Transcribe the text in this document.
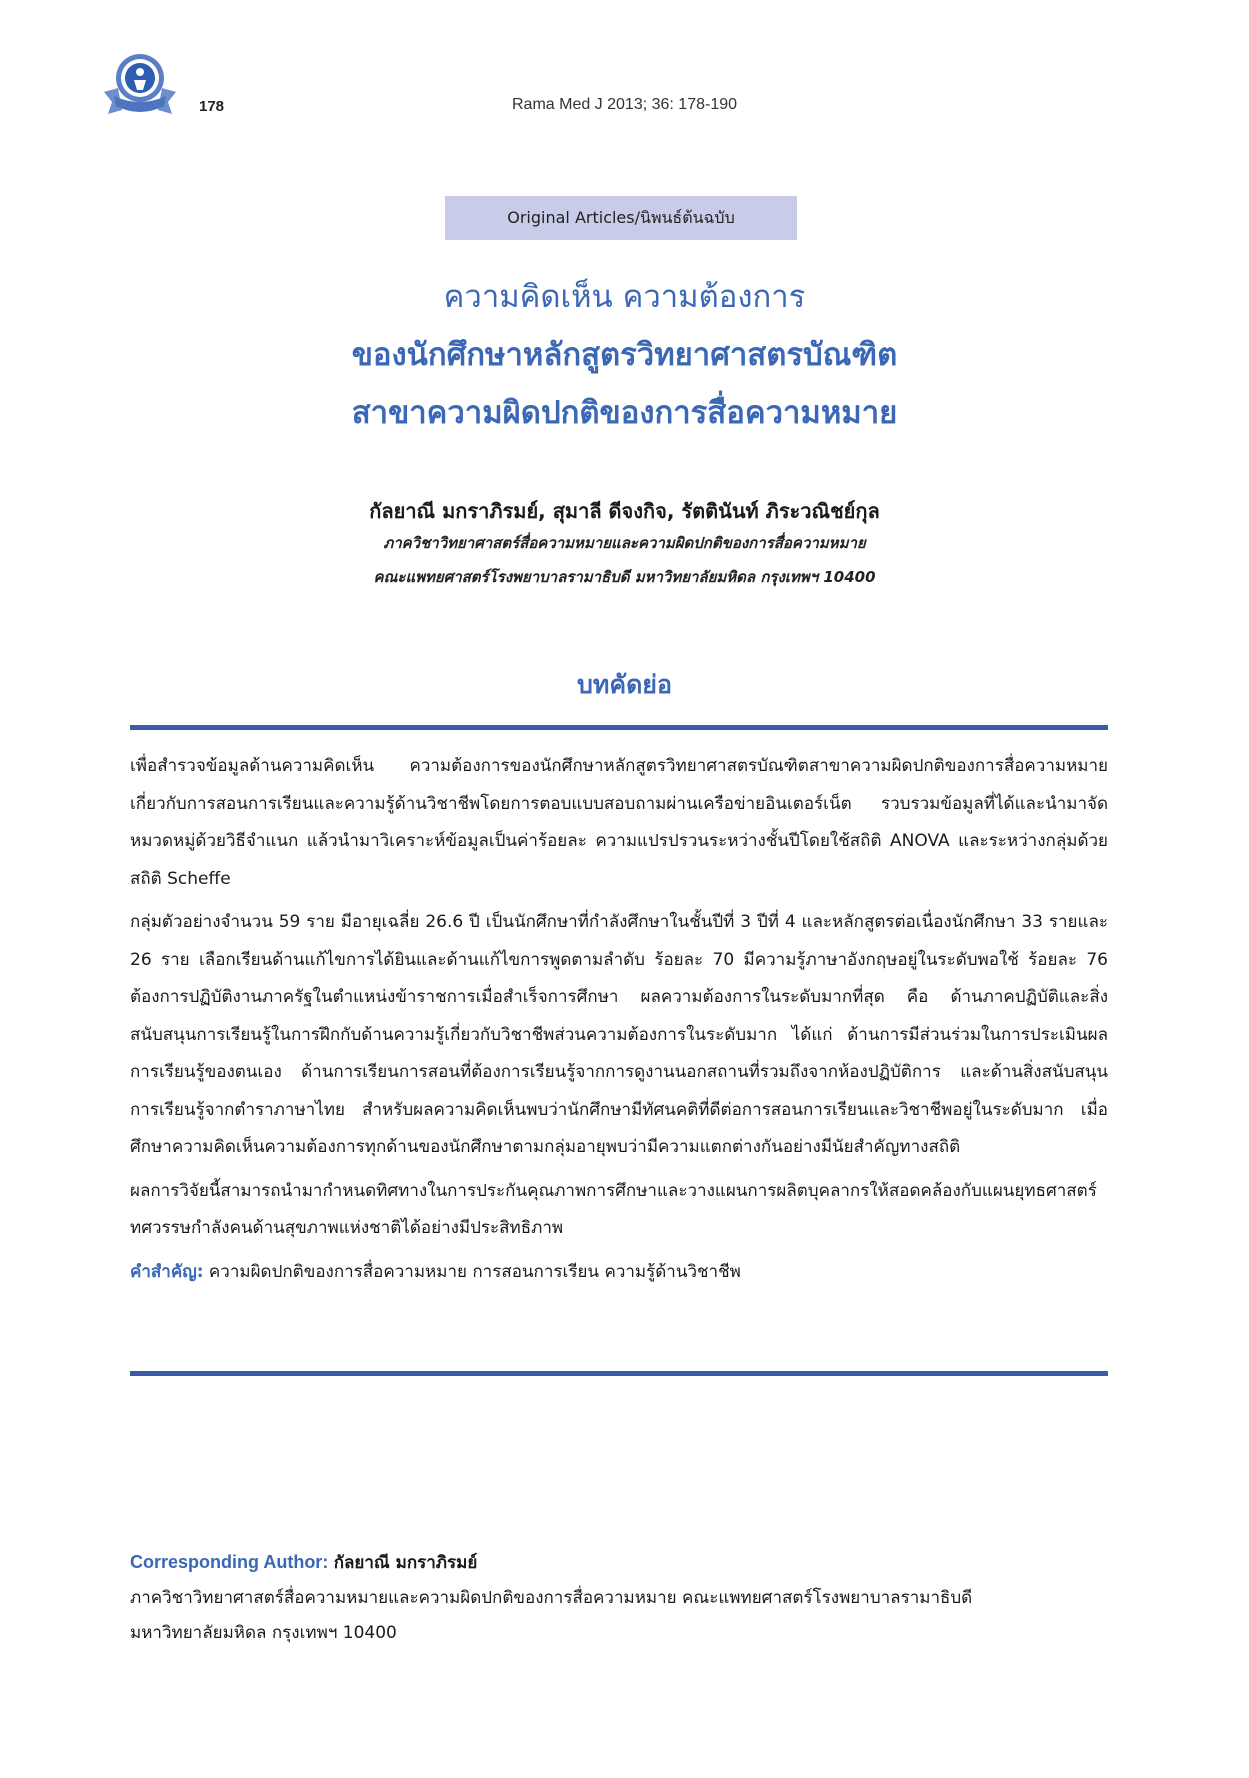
178	Rama Med J 2013; 36: 178-190
Original Articles/นิพนธ์ต้นฉบับ
ความคิดเห็น ความต้องการ
ของนักศึกษาหลักสูตรวิทยาศาสตรบัณฑิต
สาขาความผิดปกติของการสื่อความหมาย
กัลยาณี มกราภิรมย์, สุมาลี ดีจงกิจ, รัตตินันท์ ภิระวณิชย์กุล
ภาควิชาวิทยาศาสตร์สื่อความหมายและความผิดปกติของการสื่อความหมาย
คณะแพทยศาสตร์โรงพยาบาลรามาธิบดี มหาวิทยาลัยมหิดล กรุงเทพฯ 10400
บทคัดย่อ

เพื่อสำรวจข้อมูลด้านความคิดเห็น ความต้องการของนักศึกษาหลักสูตรวิทยาศาสตรบัณฑิตสาขาความผิดปกติของการสื่อความหมายเกี่ยวกับการสอนการเรียนและความรู้ด้านวิชาชีพโดยการตอบแบบสอบถามผ่านเครือข่ายอินเตอร์เน็ต รวบรวมข้อมูลที่ได้และนำมาจัดหมวดหมู่ด้วยวิธีจำแนก แล้วนำมาวิเคราะห์ข้อมูลเป็นค่าร้อยละ ความแปรปรวนระหว่างชั้นปีโดยใช้สถิติ ANOVA และระหว่างกลุ่มด้วยสถิติ Scheffe

กลุ่มตัวอย่างจำนวน 59 ราย มีอายุเฉลี่ย 26.6 ปี เป็นนักศึกษาที่กำลังศึกษาในชั้นปีที่ 3 ปีที่ 4 และหลักสูตรต่อเนื่องนักศึกษา 33 รายและ 26 ราย เลือกเรียนด้านแก้ไขการได้ยินและด้านแก้ไขการพูดตามลำดับ ร้อยละ 70 มีความรู้ภาษาอังกฤษอยู่ในระดับพอใช้ ร้อยละ 76 ต้องการปฏิบัติงานภาครัฐในตำแหน่งข้าราชการเมื่อสำเร็จการศึกษา ผลความต้องการในระดับมากที่สุด คือ ด้านภาคปฏิบัติและสิ่งสนับสนุนการเรียนรู้ในการฝึกกับด้านความรู้เกี่ยวกับวิชาชีพส่วนความต้องการในระดับมาก ได้แก่ ด้านการมีส่วนร่วมในการประเมินผลการเรียนรู้ของตนเอง ด้านการเรียนการสอนที่ต้องการเรียนรู้จากการดูงานนอกสถานที่รวมถึงจากห้องปฏิบัติการ และด้านสิ่งสนับสนุนการเรียนรู้จากตำราภาษาไทย สำหรับผลความคิดเห็นพบว่านักศึกษามีทัศนคติที่ดีต่อการสอนการเรียนและวิชาชีพอยู่ในระดับมาก เมื่อศึกษาความคิดเห็นความต้องการทุกด้านของนักศึกษาตามกลุ่มอายุพบว่ามีความแตกต่างกันอย่างมีนัยสำคัญทางสถิติ

ผลการวิจัยนี้สามารถนำมากำหนดทิศทางในการประกันคุณภาพการศึกษาและวางแผนการผลิตบุคลากรให้สอดคล้องกับแผนยุทธศาสตร์ทศวรรษกำลังคนด้านสุขภาพแห่งชาติได้อย่างมีประสิทธิภาพ

คำสำคัญ: ความผิดปกติของการสื่อความหมาย การสอนการเรียน ความรู้ด้านวิชาชีพ
Corresponding Author: กัลยาณี มกราภิรมย์
ภาควิชาวิทยาศาสตร์สื่อความหมายและความผิดปกติของการสื่อความหมาย คณะแพทยศาสตร์โรงพยาบาลรามาธิบดี
มหาวิทยาลัยมหิดล กรุงเทพฯ 10400
